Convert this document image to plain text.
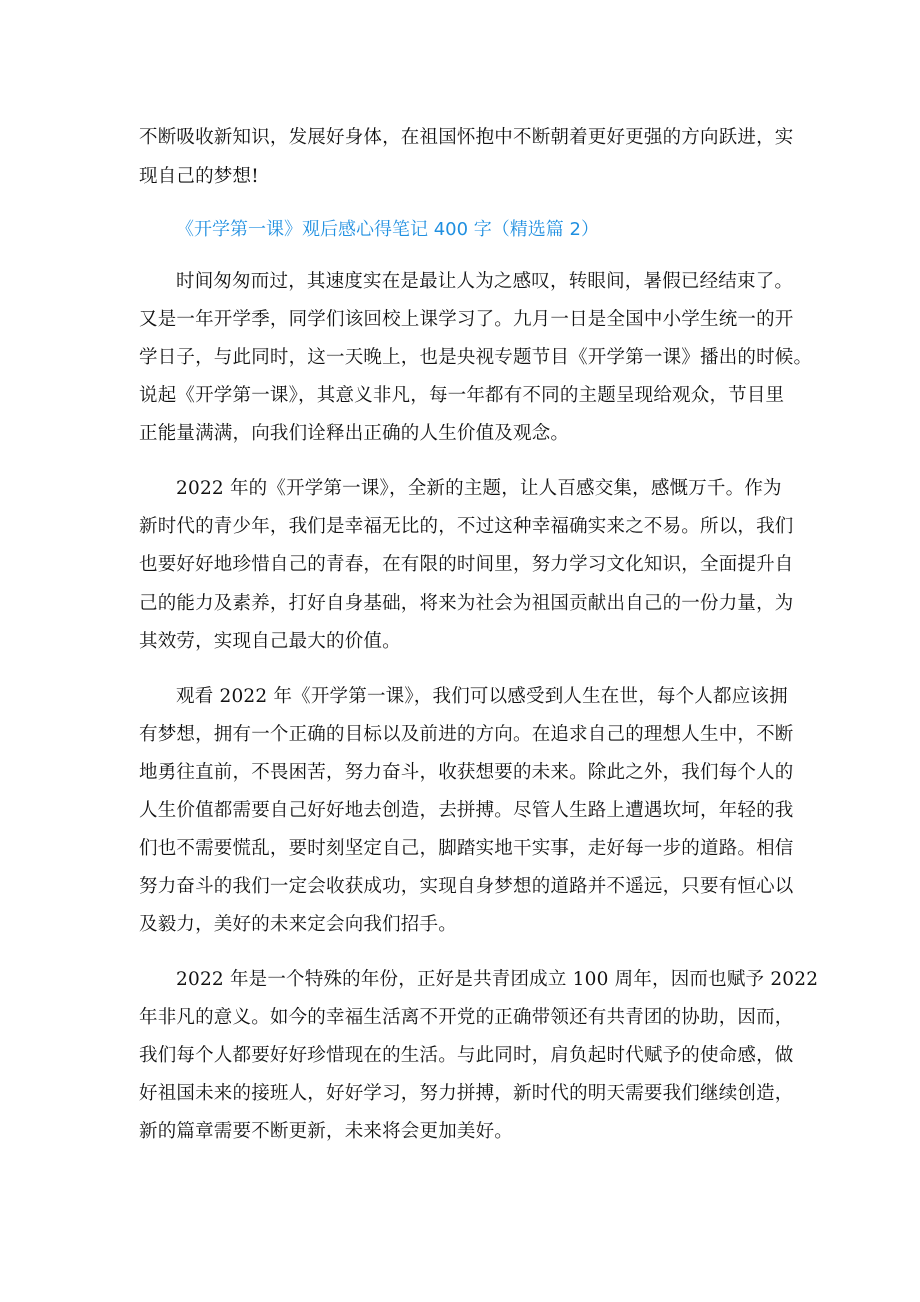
不断吸收新知识，发展好身体，在祖国怀抱中不断朝着更好更强的方向跃进，实
现自己的梦想!
《开学第一课》观后感心得笔记 400 字（精选篇 2）
时间匆匆而过，其速度实在是最让人为之感叹，转眼间，暑假已经结束了。
又是一年开学季，同学们该回校上课学习了。九月一日是全国中小学生统一的开
学日子，与此同时，这一天晚上，也是央视专题节目《开学第一课》播出的时候。
说起《开学第一课》，其意义非凡，每一年都有不同的主题呈现给观众，节目里
正能量满满，向我们诠释出正确的人生价值及观念。
2022 年的《开学第一课》，全新的主题，让人百感交集，感慨万千。作为
新时代的青少年，我们是幸福无比的，不过这种幸福确实来之不易。所以，我们
也要好好地珍惜自己的青春，在有限的时间里，努力学习文化知识，全面提升自
己的能力及素养，打好自身基础，将来为社会为祖国贡献出自己的一份力量，为
其效劳，实现自己最大的价值。
观看 2022 年《开学第一课》，我们可以感受到人生在世，每个人都应该拥
有梦想，拥有一个正确的目标以及前进的方向。在追求自己的理想人生中，不断
地勇往直前，不畏困苦，努力奋斗，收获想要的未来。除此之外，我们每个人的
人生价值都需要自己好好地去创造，去拼搏。尽管人生路上遭遇坎坷，年轻的我
们也不需要慌乱，要时刻坚定自己，脚踏实地干实事，走好每一步的道路。相信
努力奋斗的我们一定会收获成功，实现自身梦想的道路并不遥远，只要有恒心以
及毅力，美好的未来定会向我们招手。
2022 年是一个特殊的年份，正好是共青团成立 100 周年，因而也赋予 2022
年非凡的意义。如今的幸福生活离不开党的正确带领还有共青团的协助，因而，
我们每个人都要好好珍惜现在的生活。与此同时，肩负起时代赋予的使命感，做
好祖国未来的接班人，好好学习，努力拼搏，新时代的明天需要我们继续创造，
新的篇章需要不断更新，未来将会更加美好。
